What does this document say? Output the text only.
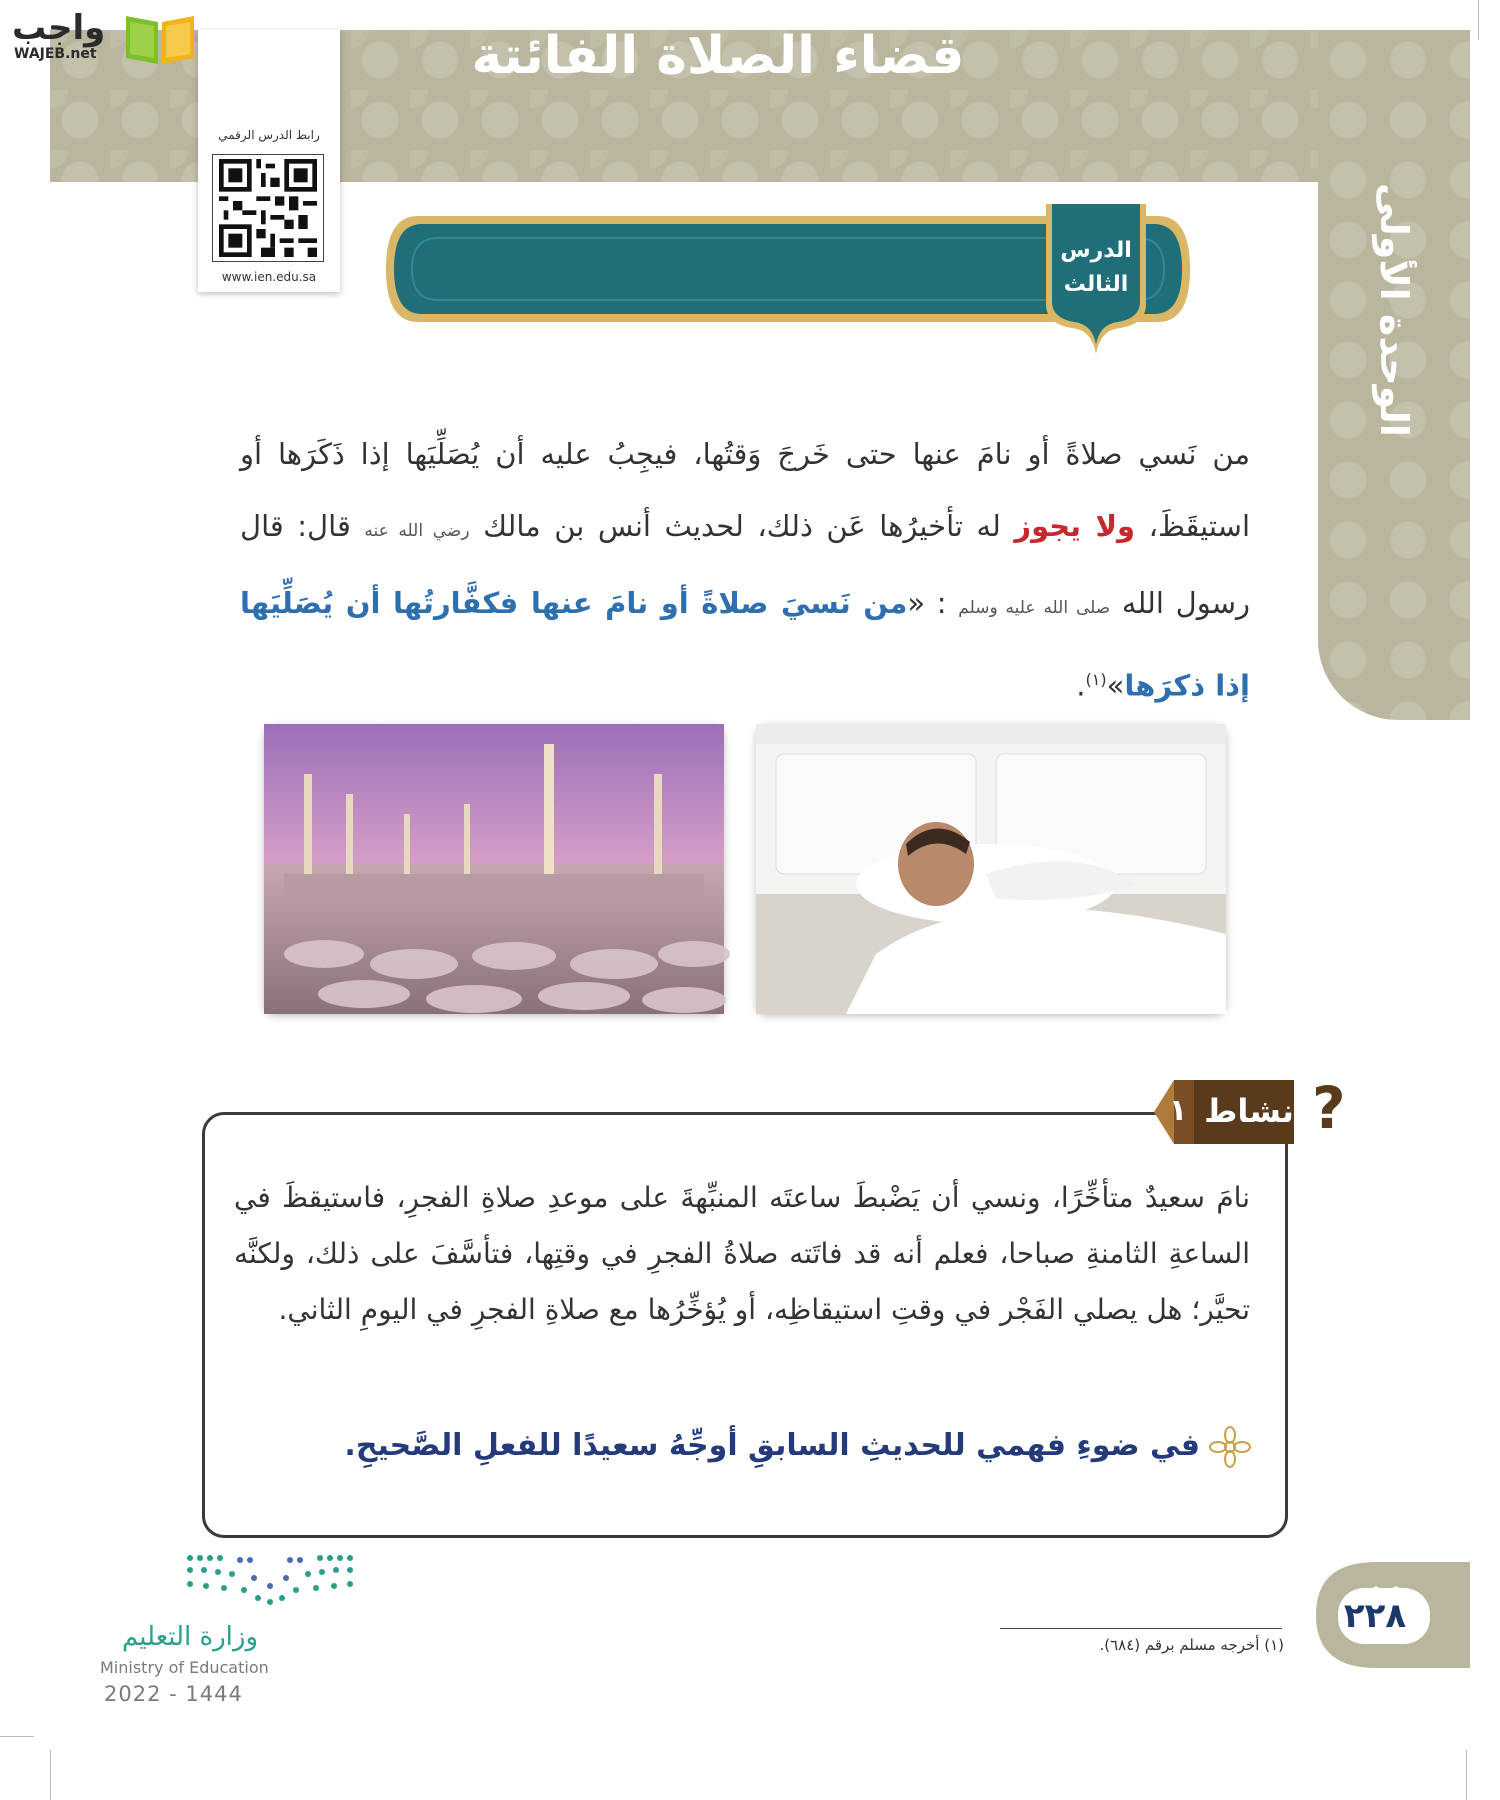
الوحدة الأولى
واجب
WAJEB.net
رابط الدرس الرقمي
www.ien.edu.sa
قضاء الصلاة الفائتة
الدرس
الثالث
من نَسي صلاةً أو نامَ عنها حتى خَرجَ وَقتُها، فيجِبُ عليه أن يُصَلِّيَها إذا ذَكَرَها أو استيقَظَ، ولا يجوز له تأخيرُها عَن ذلك، لحديث أنس بن مالك رضي الله عنه قال: قال رسول الله صلى الله عليه وسلم : «من نَسيَ صلاةً أو نامَ عنها فكفَّارتُها أن يُصَلِّيَها إذا ذكرَها»$^{(١)}$.
?
نشاط
١
نامَ سعيدٌ متأخِّرًا، ونسي أن يَضْبطَ ساعتَه المنبِّهةَ على موعدِ صلاةِ الفجرِ، فاستيقظَ في الساعةِ الثامنةِ صباحا، فعلم أنه قد فاتَته صلاةُ الفجرِ في وقتِها، فتأسَّفَ على ذلك، ولكنَّه تحيَّر؛ هل يصلي الفَجْر في وقتِ استيقاظِه، أو يُؤخِّرُها مع صلاةِ الفجرِ في اليومِ الثاني.
في ضوءِ فهمي للحديثِ السابقِ أوجِّهُ سعيدًا للفعلِ الصَّحيحِ.
٢٢٨
(١) أخرجه مسلم برقم (٦٨٤).
وزارة التعليم
Ministry of Education
2022 - 1444
